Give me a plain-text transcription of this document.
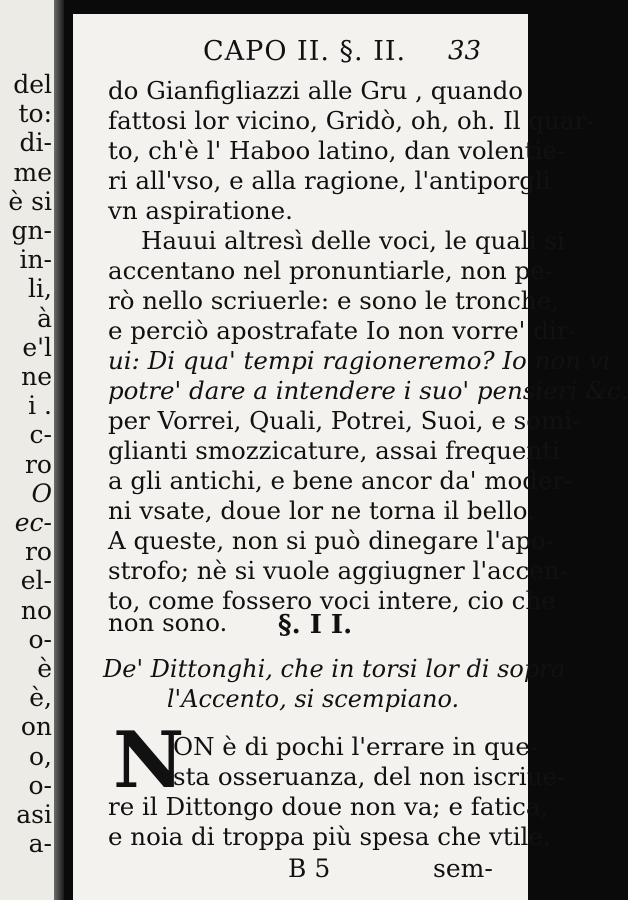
del
to:
di-
me
è si
gn-
in-
li,
à
e'l
ne
i .
c-
ro
O
ec-
ro
el-
no
o-
è
è,
on
o,
o-
asi
a-
CAPO II. §. II. 33
do Gianfigliazzi alle Gru , quando
fattosi lor vicino, Gridò, oh, oh. Il quar-
to, ch'è l' Haboo latino, dan volentie-
ri all'vso, e alla ragione, l'antiporgli
vn aspiratione.
Hauui altresì delle voci, le quali si
accentano nel pronuntiarle, non pe-
rò nello scriuerle: e sono le tronche,
e perciò apostrafate Io non vorre' dir-
ui: Di qua' tempi ragioneremo? Io non vi
potre' dare a intendere i suo' pensieri &c.
per Vorrei, Quali, Potrei, Suoi, e somi-
glianti smozzicature, assai frequenti
a gli antichi, e bene ancor da' moder-
ni vsate, doue lor ne torna il bello.
A queste, non si può dinegare l'apo-
strofo; nè si vuole aggiugner l'accen-
to, come fossero voci intere, cio che
non sono.	§. I I.
De' Dittonghi, che in torsi lor di sopra
l'Accento, si scempiano.
N
ON è di pochi l'errare in que-
sta osseruanza, del non iscriue-
re il Dittongo doue non va; e fatica,
e noia di troppa più spesa che vtile.
B 5	sem-
